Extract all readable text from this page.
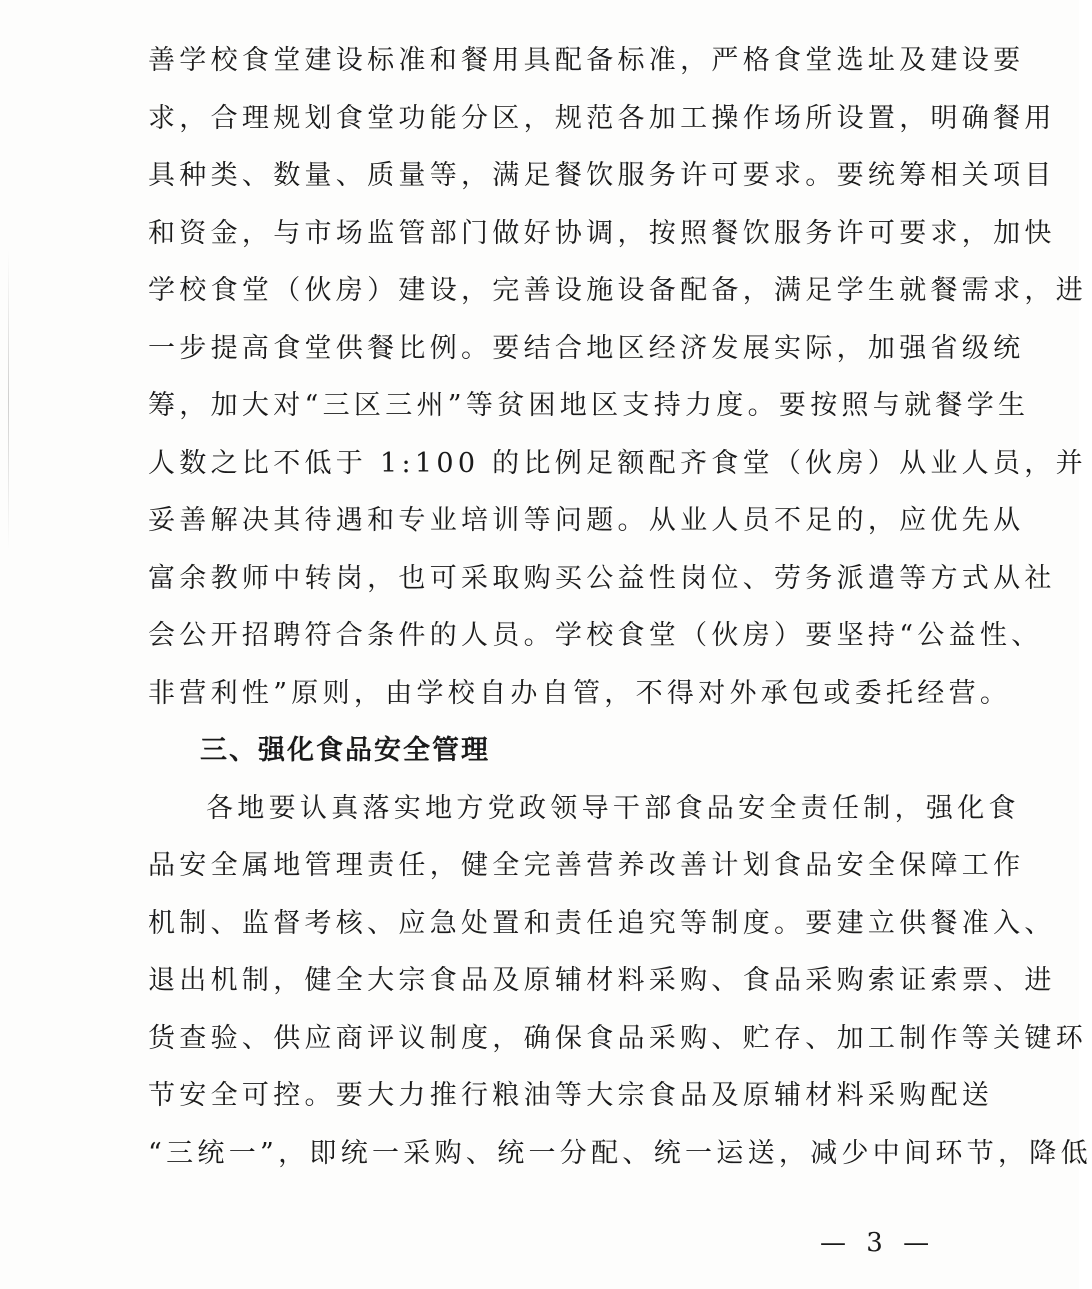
善学校食堂建设标准和餐用具配备标准，严格食堂选址及建设要
求，合理规划食堂功能分区，规范各加工操作场所设置，明确餐用
具种类、数量、质量等，满足餐饮服务许可要求。要统筹相关项目
和资金，与市场监管部门做好协调，按照餐饮服务许可要求，加快
学校食堂（伙房）建设，完善设施设备配备，满足学生就餐需求，进
一步提高食堂供餐比例。要结合地区经济发展实际，加强省级统
筹，加大对“三区三州”等贫困地区支持力度。要按照与就餐学生
人数之比不低于 1:100 的比例足额配齐食堂（伙房）从业人员，并
妥善解决其待遇和专业培训等问题。从业人员不足的，应优先从
富余教师中转岗，也可采取购买公益性岗位、劳务派遣等方式从社
会公开招聘符合条件的人员。学校食堂（伙房）要坚持“公益性、
非营利性”原则，由学校自办自管，不得对外承包或委托经营。
三、强化食品安全管理
各地要认真落实地方党政领导干部食品安全责任制，强化食
品安全属地管理责任，健全完善营养改善计划食品安全保障工作
机制、监督考核、应急处置和责任追究等制度。要建立供餐准入、
退出机制，健全大宗食品及原辅材料采购、食品采购索证索票、进
货查验、供应商评议制度，确保食品采购、贮存、加工制作等关键环
节安全可控。要大力推行粮油等大宗食品及原辅材料采购配送
“三统一”，即统一采购、统一分配、统一运送，减少中间环节，降低
— 3 —
